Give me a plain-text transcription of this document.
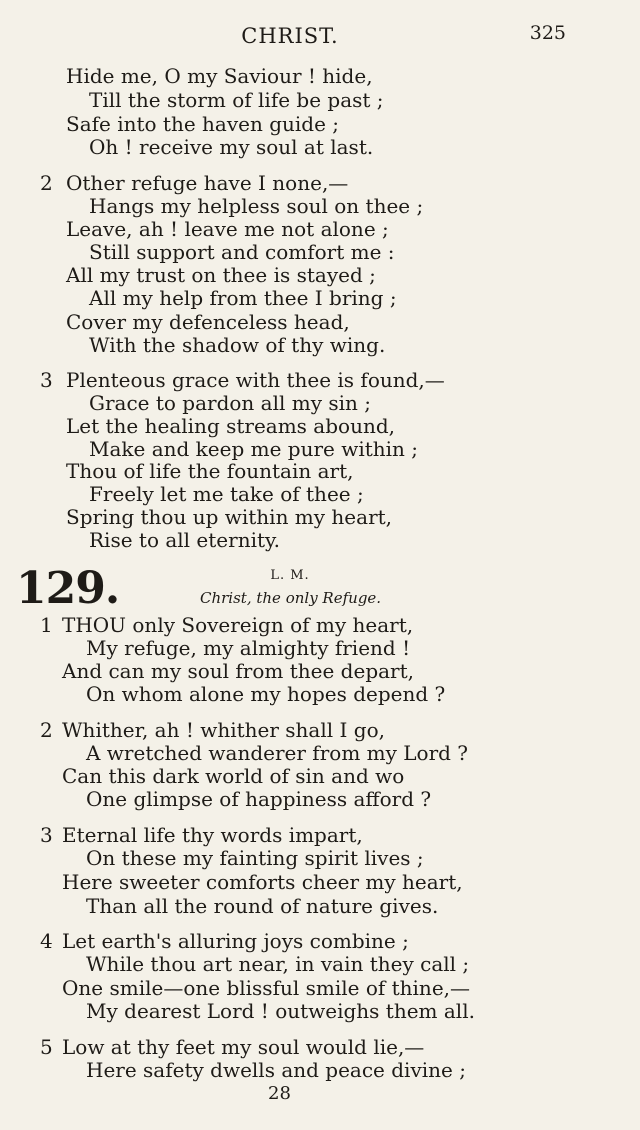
CHRIST.	325
Hide me, O my Saviour ! hide,
Till the storm of life be past ;
Safe into the haven guide ;
Oh ! receive my soul at last.
2 Other refuge have I none,—
Hangs my helpless soul on thee ;
Leave, ah ! leave me not alone ;
Still support and comfort me :
All my trust on thee is stayed ;
All my help from thee I bring ;
Cover my defenceless head,
With the shadow of thy wing.
3 Plenteous grace with thee is found,—
Grace to pardon all my sin ;
Let the healing streams abound,
Make and keep me pure within ;
Thou of life the fountain art,
Freely let me take of thee ;
Spring thou up within my heart,
Rise to all eternity.
129.	L. M.
Christ, the only Refuge.
1 THOU only Sovereign of my heart,
My refuge, my almighty friend !
And can my soul from thee depart,
On whom alone my hopes depend ?
2 Whither, ah ! whither shall I go,
A wretched wanderer from my Lord ?
Can this dark world of sin and wo
One glimpse of happiness afford ?
3 Eternal life thy words impart,
On these my fainting spirit lives ;
Here sweeter comforts cheer my heart,
Than all the round of nature gives.
4 Let earth's alluring joys combine ;
While thou art near, in vain they call ;
One smile—one blissful smile of thine,—
My dearest Lord ! outweighs them all.
5 Low at thy feet my soul would lie,—
Here safety dwells and peace divine ;
28
